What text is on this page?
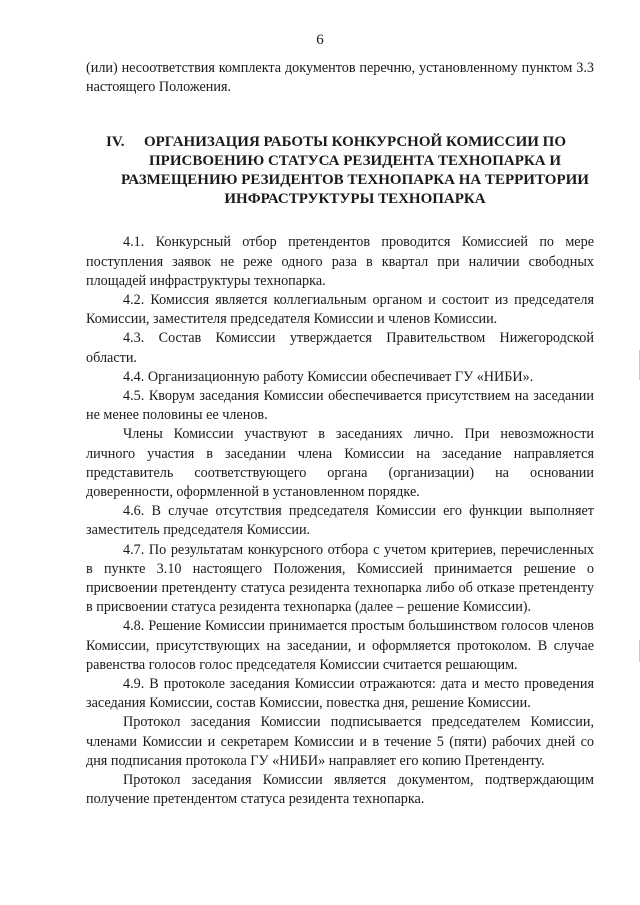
6

(или) несоответствия комплекта документов перечню, установленному пунктом 3.3 настоящего Положения.

IV.	ОРГАНИЗАЦИЯ РАБОТЫ КОНКУРСНОЙ КОМИССИИ ПО ПРИСВОЕНИЮ СТАТУСА РЕЗИДЕНТА ТЕХНОПАРКА И РАЗМЕЩЕНИЮ РЕЗИДЕНТОВ ТЕХНОПАРКА НА ТЕРРИТОРИИ ИНФРАСТРУКТУРЫ ТЕХНОПАРКА

4.1. Конкурсный отбор претендентов проводится Комиссией по мере поступления заявок не реже одного раза в квартал при наличии свободных площадей инфраструктуры технопарка.

4.2. Комиссия является коллегиальным органом и состоит из председателя Комиссии, заместителя председателя Комиссии и членов Комиссии.

4.3. Состав Комиссии утверждается Правительством Нижегородской области.

4.4. Организационную работу Комиссии обеспечивает ГУ «НИБИ».

4.5. Кворум заседания Комиссии обеспечивается присутствием на заседании не менее половины ее членов.

Члены Комиссии участвуют в заседаниях лично. При невозможности личного участия в заседании члена Комиссии на заседание направляется представитель соответствующего органа (организации) на основании доверенности, оформленной в установленном порядке.

4.6. В случае отсутствия председателя Комиссии его функции выполняет заместитель председателя Комиссии.

4.7. По результатам конкурсного отбора с учетом критериев, перечисленных в пункте 3.10 настоящего Положения, Комиссией принимается решение о присвоении претенденту статуса резидента технопарка либо об отказе претенденту в присвоении статуса резидента технопарка (далее – решение Комиссии).

4.8. Решение Комиссии принимается простым большинством голосов членов Комиссии, присутствующих на заседании, и оформляется протоколом. В случае равенства голосов голос председателя Комиссии считается решающим.

4.9. В протоколе заседания Комиссии отражаются: дата и место проведения заседания Комиссии, состав Комиссии, повестка дня, решение Комиссии.

Протокол заседания Комиссии подписывается председателем Комиссии, членами Комиссии и секретарем Комиссии и в течение 5 (пяти) рабочих дней со дня подписания протокола ГУ «НИБИ» направляет его копию Претенденту.

Протокол заседания Комиссии является документом, подтверждающим получение претендентом статуса резидента технопарка.
